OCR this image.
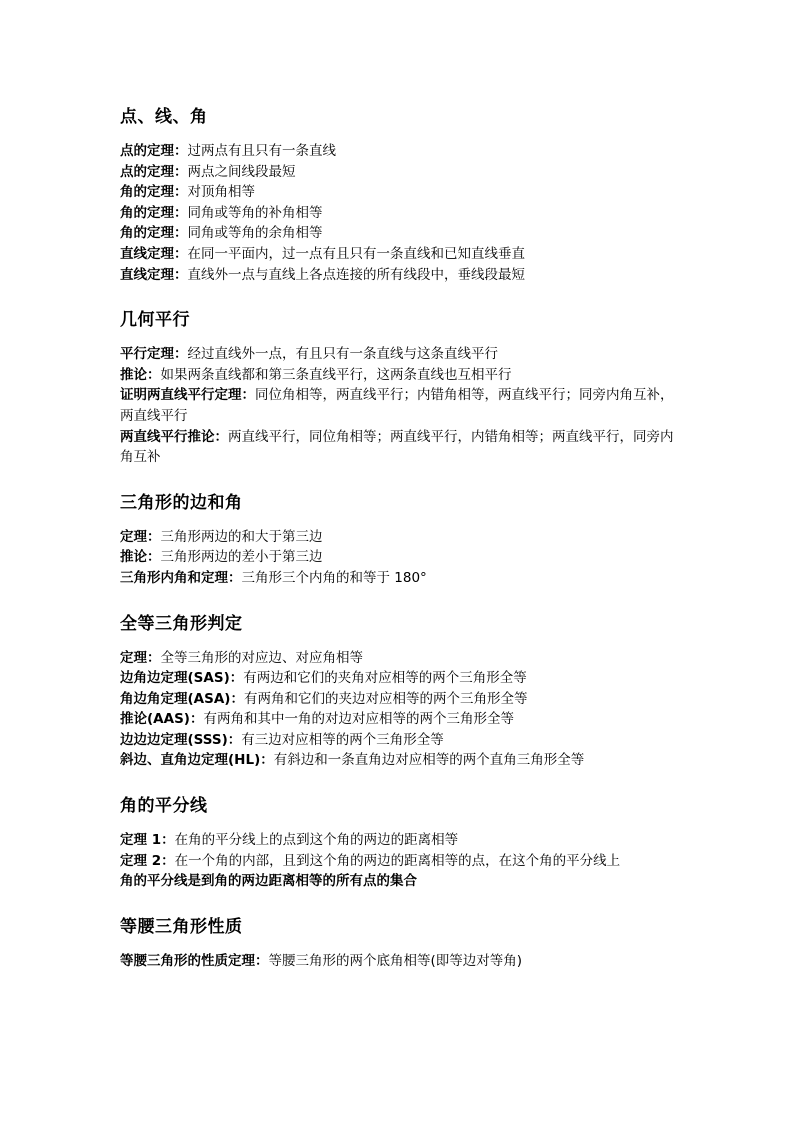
点、线、角
点的定理：过两点有且只有一条直线
点的定理：两点之间线段最短
角的定理：对顶角相等
角的定理：同角或等角的补角相等
角的定理：同角或等角的余角相等
直线定理：在同一平面内，过一点有且只有一条直线和已知直线垂直
直线定理：直线外一点与直线上各点连接的所有线段中，垂线段最短
几何平行
平行定理：经过直线外一点，有且只有一条直线与这条直线平行
推论：如果两条直线都和第三条直线平行，这两条直线也互相平行
证明两直线平行定理：同位角相等，两直线平行；内错角相等，两直线平行；同旁内角互补，两直线平行
两直线平行推论：两直线平行，同位角相等；两直线平行，内错角相等；两直线平行，同旁内角互补
三角形的边和角
定理：三角形两边的和大于第三边
推论：三角形两边的差小于第三边
三角形内角和定理：三角形三个内角的和等于 180°
全等三角形判定
定理：全等三角形的对应边、对应角相等
边角边定理(SAS)：有两边和它们的夹角对应相等的两个三角形全等
角边角定理(ASA)：有两角和它们的夹边对应相等的两个三角形全等
推论(AAS)：有两角和其中一角的对边对应相等的两个三角形全等
边边边定理(SSS)：有三边对应相等的两个三角形全等
斜边、直角边定理(HL)：有斜边和一条直角边对应相等的两个直角三角形全等
角的平分线
定理 1：在角的平分线上的点到这个角的两边的距离相等
定理 2：在一个角的内部，且到这个角的两边的距离相等的点，在这个角的平分线上
角的平分线是到角的两边距离相等的所有点的集合
等腰三角形性质
等腰三角形的性质定理：等腰三角形的两个底角相等(即等边对等角)
